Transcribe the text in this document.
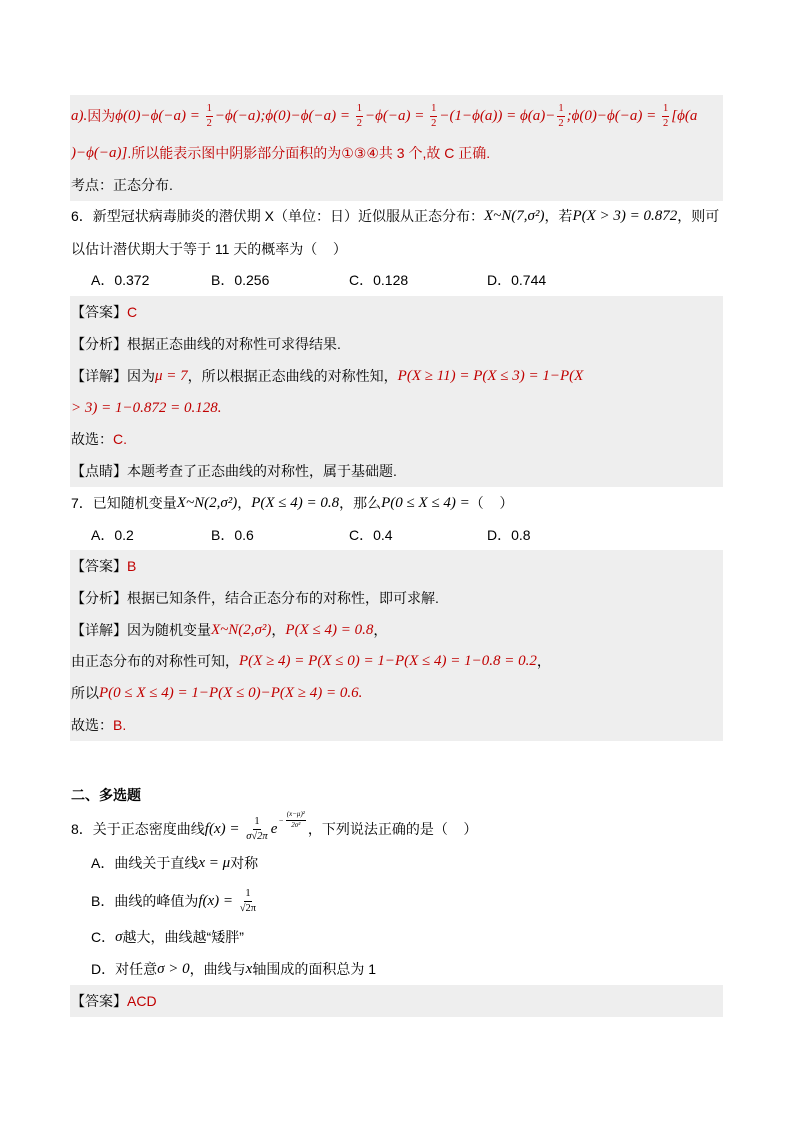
a). 因为 $\phi(0)-\phi(-a) = \frac{1}{2}$ −ϕ(−a);ϕ(0)−ϕ(−a) = $\frac{1}{2} -\phi(-a) = \frac{1}{2} -(1-\phi(a)) = \phi(a)- \frac{1}{2}$ ;ϕ(0)−ϕ(−a) = $\frac{1}{2} [\phi(a$
)−ϕ(−a)] .所以能表示图中阴影部分面积的为①③④共 3 个,故 C 正确.
考点：正态分布.
6．新型冠状病毒肺炎的潜伏期 X（单位：日）近似服从正态分布： X~N(7,σ²) ，若 P(X > 3) = 0.872 ，则可
以估计潜伏期大于等于 11 天的概率为（    ）
A．0.372	B．0.256	C．0.128	D．0.744
【答案】 C
【分析】 根据正态曲线的对称性可求得结果.
【详解】 因为 μ = 7 ，所以根据正态曲线的对称性知， P(X ≥ 11) = P(X ≤ 3) = 1−P(X
> 3) = 1−0.872 = 0.128.
故选： C.
【点睛】 本题考查了正态曲线的对称性，属于基础题.
7．已知随机变量 X~N(2,σ²) ， P(X ≤ 4) = 0.8 ，那么 P(0 ≤ X ≤ 4) = （    ）
A．0.2	B．0.6	C．0.4	D．0.8
【答案】 B
【分析】 根据已知条件，结合正态分布的对称性，即可求解.
【详解】 因为随机变量 X~N(2,σ²) ， P(X ≤ 4) = 0.8 ，
由正态分布的对称性可知， P(X ≥ 4) = P(X ≤ 0) = 1−P(X ≤ 4) = 1−0.8 = 0.2 ，
所以 P(0 ≤ X ≤ 4) = 1−P(X ≤ 0)−P(X ≥ 4) = 0.6.
故选： B.
二、多选题
8．关于正态密度曲线 $f(x) = \frac{1}{\sigma√2\pi}$ e
− $\frac{\text{(x−μ)²}}{\text{2σ²}}$ ，下列说法正确的是（    ）
A．曲线关于直线 x = μ 对称
B．曲线的峰值为 $f(x) = \frac{1}{√2\pi}$
C． σ 越大，曲线越“矮胖”
D．对任意 σ > 0 ，曲线与 x 轴围成的面积总为 1
【答案】 ACD
